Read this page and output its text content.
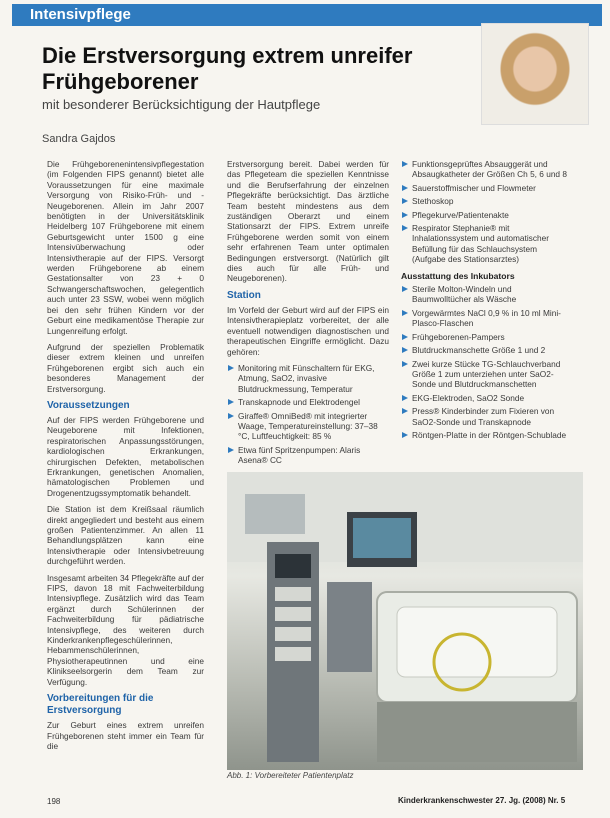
Intensivpflege
Die Erstversorgung extrem unreifer Frühgeborener
mit besonderer Berücksichtigung der Hautpflege
Sandra Gajdos

Die Frühgeborenenintensivpflegestation (im Folgenden FIPS genannt) bietet alle Voraussetzungen für eine maximale Versorgung von Risiko-Früh- und -Neugeborenen. Allein im Jahr 2007 benötigten in der Universitätsklinik Heidelberg 107 Frühgeborene mit einem Geburtsgewicht unter 1500 g eine Intensivüberwachung oder Intensivtherapie auf der FIPS. Versorgt werden Frühgeborene ab einem Gestationsalter von 23 + 0 Schwangerschaftswochen, gelegentlich auch unter 23 SSW, wobei wenn möglich bei den sehr frühen Kindern vor der Geburt eine medikamentöse Therapie zur Lungenreifung erfolgt.

Aufgrund der speziellen Problematik dieser extrem kleinen und unreifen Frühgeborenen ergibt sich auch ein besonderes Management der Erstversorgung.

Voraussetzungen

Auf der FIPS werden Frühgeborene und Neugeborene mit Infektionen, respiratorischen Anpassungsstörungen, kardiologischen Erkrankungen, chirurgischen Defekten, metabolischen Erkrankungen, genetischen Anomalien, hämatologischen Problemen und Drogenentzugssymptomatik behandelt.

Die Station ist dem Kreißsaal räumlich direkt angegliedert und besteht aus einem großen Patientenzimmer. An allen 11 Behandlungsplätzen kann eine Intensivtherapie oder Intensivbetreuung durchgeführt werden.

Insgesamt arbeiten 34 Pflegekräfte auf der FIPS, davon 18 mit Fachweiterbildung Intensivpflege. Zusätzlich wird das Team ergänzt durch Schülerinnen der Fachweiterbildung für pädiatrische Intensivpflege, des weiteren durch Kinderkrankenpflegeschülerinnen, Hebammenschülerinnen, Physiotherapeutinnen und eine Klinikseelsorgerin dem Team zur Verfügung.

Vorbereitungen für die Erstversorgung

Zur Geburt eines extrem unreifen Frühgeborenen steht immer ein Team für die

Erstversorgung bereit. Dabei werden für das Pflegeteam die speziellen Kenntnisse und die Berufserfahrung der einzelnen Pflegekräfte berücksichtigt. Das ärztliche Team besteht mindestens aus dem zuständigen Oberarzt und einem Stationsarzt der FIPS. Extrem unreife Frühgeborene werden somit von einem sehr erfahrenen Team unter optimalen Bedingungen erstversorgt. (Natürlich gilt dies auch für alle Früh- und Neugeborenen).

Station

Im Vorfeld der Geburt wird auf der FIPS ein Intensivtherapieplatz vorbereitet, der alle eventuell notwendigen diagnostischen und therapeutischen Eingriffe ermöglicht. Dazu gehören:

Monitoring mit Fünschaltern für EKG, Atmung, SaO2, invasive Blutdruckmessung, Temperatur
Transkapnode und Elektrodengel
Giraffe® OmniBed® mit integrierter Waage, Temperatureinstellung: 37–38 °C, Luftfeuchtigkeit: 85 %
Etwa fünf Spritzenpumpen: Alaris Asena® CC
Funktionsgeprüftes Absauggerät und Absaugkatheter der Größen Ch 5, 6 und 8
Sauerstoffmischer und Flowmeter
Stethoskop
Pflegekurve/Patientenakte
Respirator Stephanie® mit Inhalationssystem und automatischer Befüllung für das Schlauchsystem (Aufgabe des Stationsarztes)
Ausstattung des Inkubators
Sterile Molton-Windeln und Baumwolltücher als Wäsche
Vorgewärmtes NaCl 0,9 % in 10 ml Mini-Plasco-Flaschen
Frühgeborenen-Pampers
Blutdruckmanschette Größe 1 und 2
Zwei kurze Stücke TG-Schlauchverband Größe 1 zum unterziehen unter SaO2-Sonde und Blutdruckmanschetten
EKG-Elektroden, SaO2 Sonde
Press® Kinderbinder zum Fixieren von SaO2-Sonde und Transkapnode
Röntgen-Platte in der Röntgen-Schublade
Abb. 1: Vorbereiteter Patientenplatz
198	Kinderkrankenschwester 27. Jg. (2008) Nr. 5
